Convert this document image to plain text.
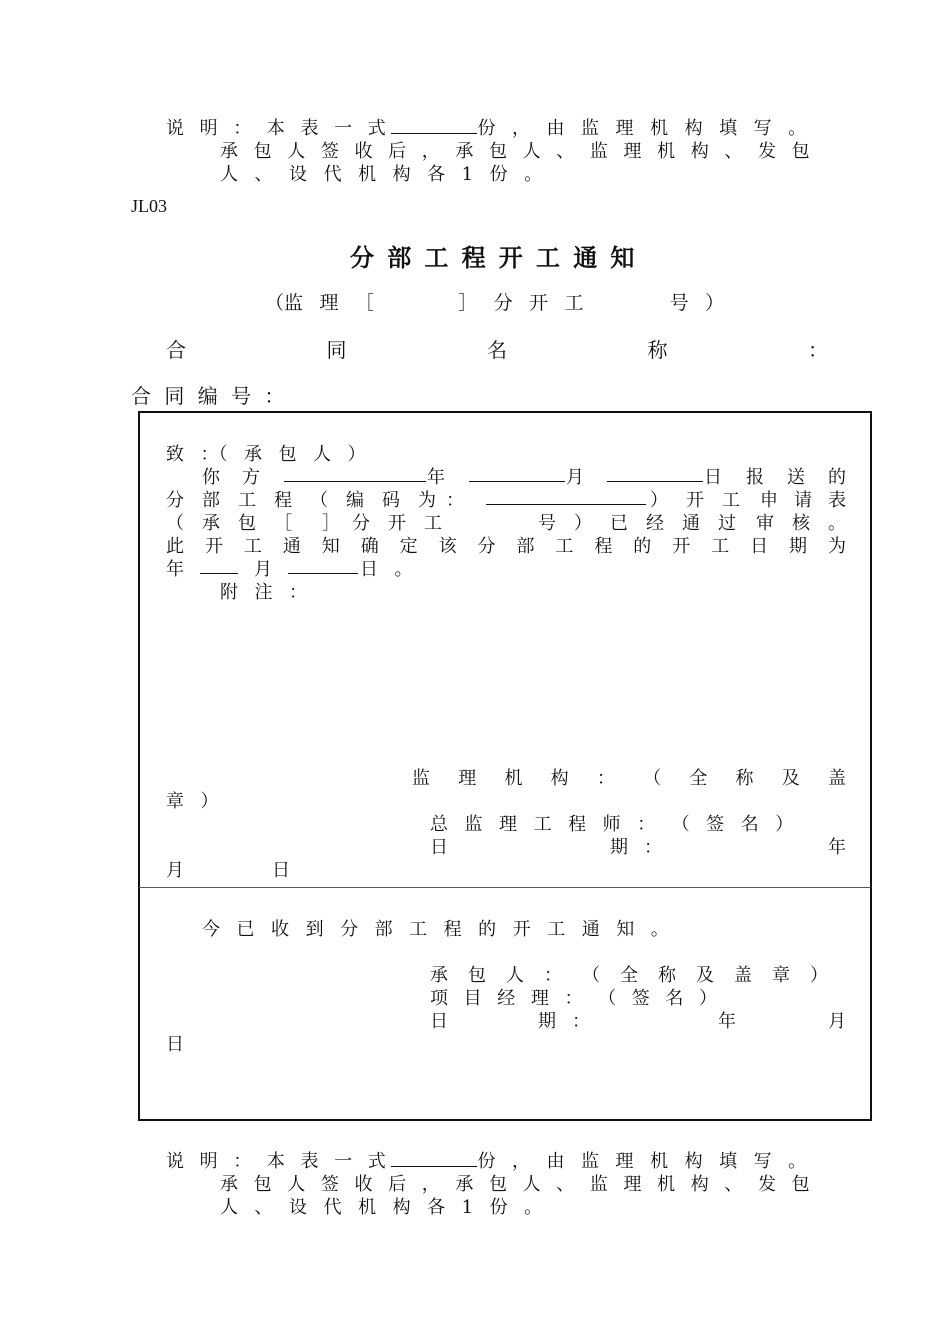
说 明 ： 本 表 一 式	份 ， 由 监 理 机 构 填 写 。
承 包 人 签 收 后 ， 承 包 人 、 监 理 机 构 、 发 包
人 、 设 代 机 构 各 1 份 。
JL03
分部工程开工通知
（监 理 ［	］ 分 开 工	号 ）
合	同	名	称	：
合 同 编 号 ：
致 ：（ 承 包 人 ）
你 方	年	月	日 报 送 的
分 部 工 程 （ 编 码 为 ：	） 开 工 申 请 表
（ 承 包 ［ ］ 分 开 工	号 ） 已 经 通 过 审 核 。
此 开 工 通 知 确 定 该 分 部 工 程 的 开 工 日 期 为
年	月	日 。
附 注 ：
监 理 机 构 ： （ 全 称 及 盖
章 ）
总 监 理 工 程 师 ： （ 签 名 ）
日	期 ：	年
月	日
今 已 收 到 分 部 工 程 的 开 工 通 知 。
承 包 人 ： （ 全 称 及 盖 章 ）
项 目 经 理 ： （ 签 名 ）
日	期 ：	年	月
日
说 明 ： 本 表 一 式	份 ， 由 监 理 机 构 填 写 。
承 包 人 签 收 后 ， 承 包 人 、 监 理 机 构 、 发 包
人 、 设 代 机 构 各 1 份 。
